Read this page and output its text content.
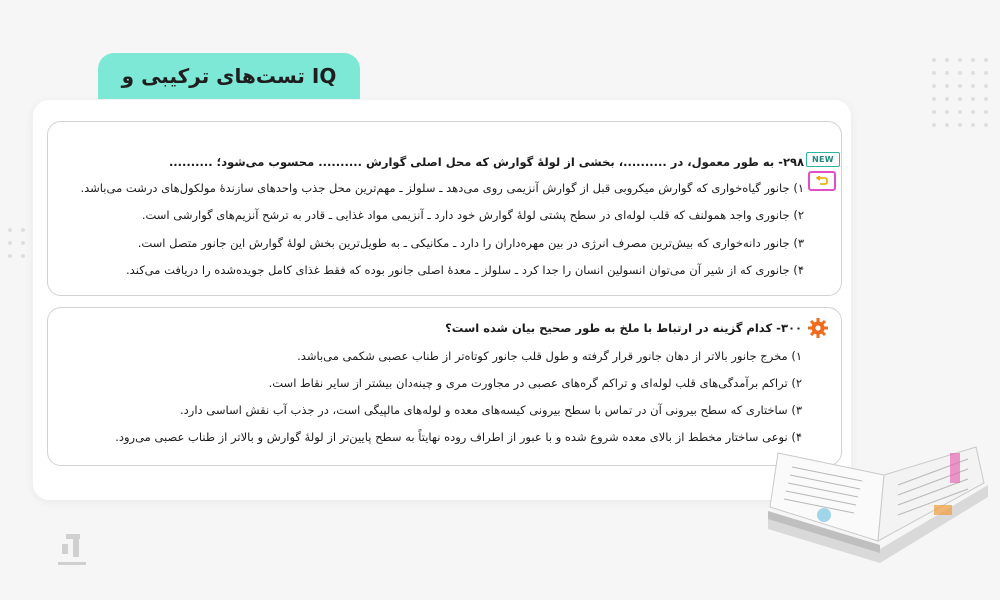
تست‌های ترکیبی و IQ
NEW
۲۹۸- به طور معمول، در ..........، بخشی از لولهٔ گوارش که محل اصلی گوارش .......... محسوب می‌شود؛ ..........
۱) جانور گیاه‌خواری که گوارش میکروبی قبل از گوارش آنزیمی روی می‌دهد ـ سلولز ـ مهم‌ترین محل جذب واحدهای سازندهٔ مولکول‌های درشت می‌باشد.
۲) جانوری واجد همولنف که قلب لوله‌ای در سطح پشتی لولهٔ گوارش خود دارد ـ آنزیمی مواد غذایی ـ قادر به ترشح آنزیم‌های گوارشی است.
۳) جانور دانه‌خواری که بیش‌ترین مصرف انرژی در بین مهره‌داران را دارد ـ مکانیکی ـ به طویل‌ترین بخش لولهٔ گوارش این جانور متصل است.
۴) جانوری که از شیر آن می‌توان انسولین انسان را جدا کرد ـ سلولز ـ معدهٔ اصلی جانور بوده که فقط غذای کامل جویده‌شده را دریافت می‌کند.
۳۰۰- کدام گزینه در ارتباط با ملخ به طور صحیح بیان شده است؟
۱) مخرج جانور بالاتر از دهان جانور قرار گرفته و طول قلب جانور کوتاه‌تر از طناب عصبی شکمی می‌باشد.
۲) تراکم برآمدگی‌های قلب لوله‌ای و تراکم گره‌های عصبی در مجاورت مری و چینه‌دان بیشتر از سایر نقاط است.
۳) ساختاری که سطح بیرونی آن در تماس با سطح بیرونی کیسه‌های معده و لوله‌های مالپیگی است، در جذب آب نقش اساسی دارد.
۴) نوعی ساختار مخطط از بالای معده شروع شده و با عبور از اطراف روده نهایتاً به سطح پایین‌تر از لولهٔ گوارش و بالاتر از طناب عصبی می‌رود.
